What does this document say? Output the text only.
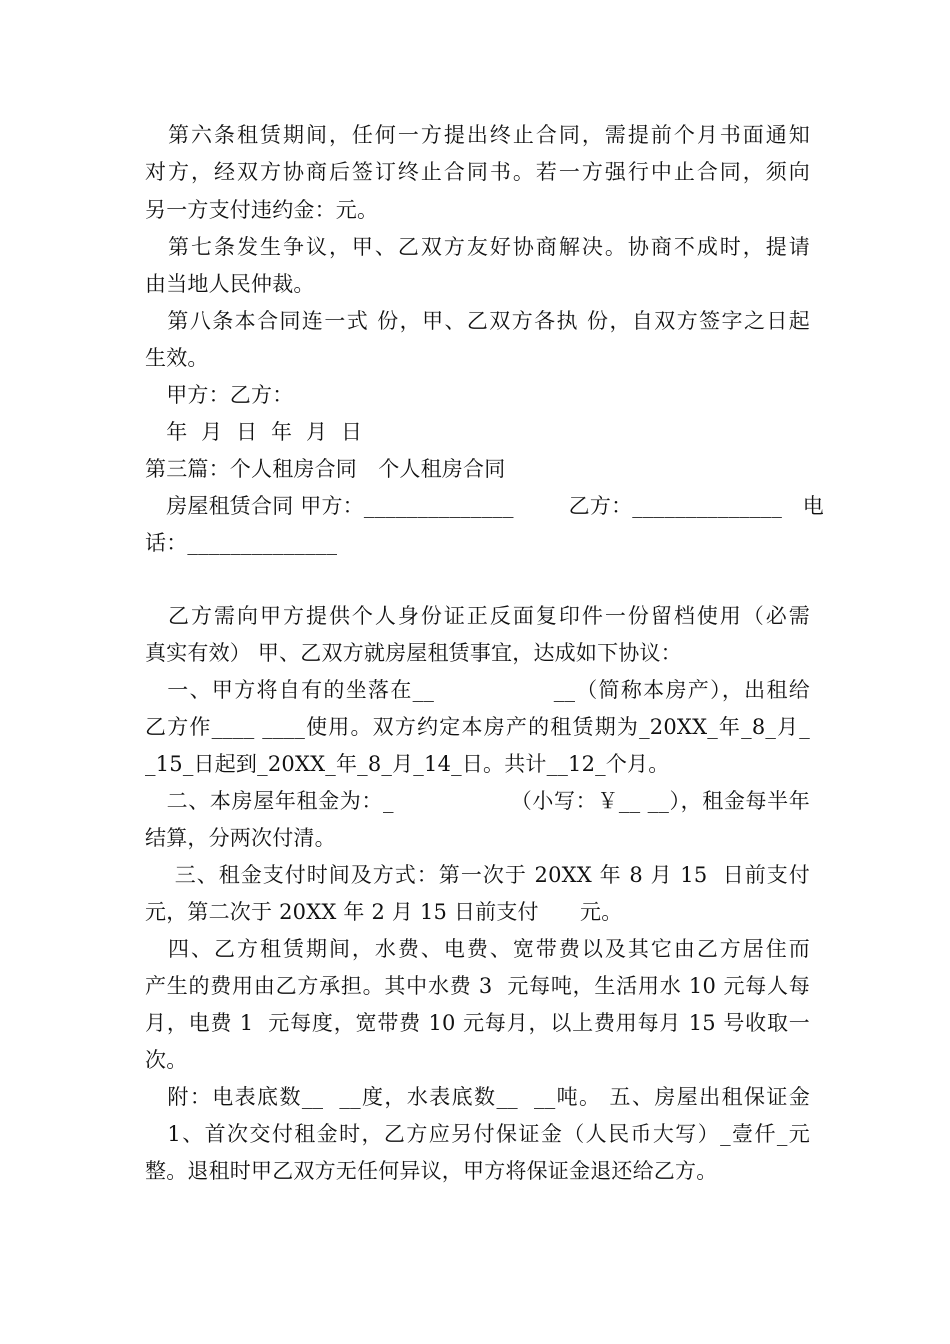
　第六条租赁期间，任何一方提出终止合同，需提前个月书面通知
对方，经双方协商后签订终止合同书。若一方强行中止合同，须向
另一方支付违约金：元。
　第七条发生争议，甲、乙双方友好协商解决。协商不成时，提请
由当地人民仲裁。
　第八条本合同连一式 份，甲、乙双方各执 份，自双方签字之日起
生效。
　甲方：乙方：
　年  月  日  年  月  日
第三篇：个人租房合同　个人租房合同
　房屋租赁合同 甲方：______________        乙方：______________   电
话：______________
　乙方需向甲方提供个人身份证正反面复印件一份留档使用（必需
真实有效） 甲、乙双方就房屋租赁事宜，达成如下协议：
　一、甲方将自有的坐落在__               __（简称本房产），出租给
乙方作____ ____使用。双方约定本房产的租赁期为_20XX_年_8_月_
_15_日起到_20XX_年_8_月_14_日。共计__12_个月。
　二、本房屋年租金为：_                （小写：￥__ __），租金每半年
结算，分两次付清。
　 三、租金支付时间及方式：第一次于 20XX 年 8 月 15  日前支付
元，第二次于 20XX 年 2 月 15 日前支付      元。
　四、乙方租赁期间，水费、电费、宽带费以及其它由乙方居住而
产生的费用由乙方承担。其中水费 3  元每吨，生活用水 10 元每人每
月，电费 1  元每度，宽带费 10 元每月，以上费用每月 15 号收取一
次。
　附：电表底数__  __度，水表底数__  __吨。 五、房屋出租保证金
　1、首次交付租金时，乙方应另付保证金（人民币大写）_壹仟_元
整。退租时甲乙双方无任何异议，甲方将保证金退还给乙方。
